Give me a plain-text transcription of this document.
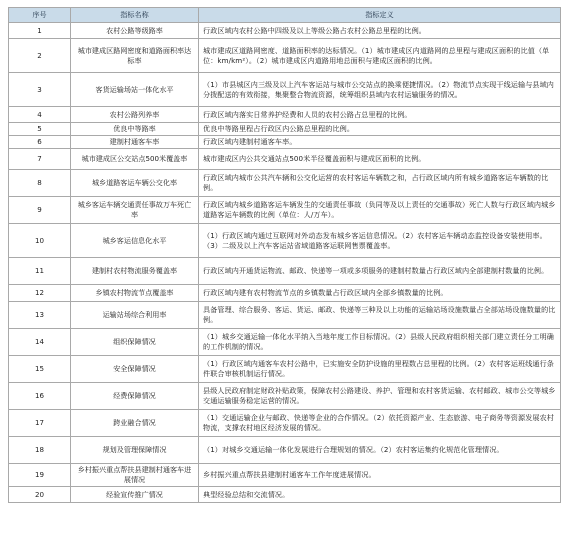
序号	指标名称	指标定义
1	农村公路等级路率	行政区域内农村公路中四级及以上等级公路占农村公路总里程的比例。
2	城市建成区路网密度和道路面积率达标率	城市建成区道路网密度、道路面积率的达标情况。（1）城市建成区内道路网的总里程与建成区面积的比值（单位：km/km²）。（2）城市建成区内道路用地总面积与建成区面积的比例。
3	客货运输场站一体化水平	（1）市县城区内三级及以上汽车客运站与城市公交站点的换乘便捷情况。（2）物流节点实现干线运输与县域内分拨配送的有效衔接，集聚整合物流资源，统筹组织县域内农村运输服务的情况。
4	农村公路列养率	行政区域内落实日常养护经费和人员的农村公路占总里程的比例。
5	优良中等路率	优良中等路里程占行政区内公路总里程的比例。
6	建制村通客车率	行政区域内建制村通客车率。
7	城市建成区公交站点500米覆盖率	城市建成区内公共交通站点500米半径覆盖面积与建成区面积的比例。
8	城乡道路客运车辆公交化率	行政区域内城市公共汽车辆和公交化运营的农村客运车辆数之和，占行政区域内所有城乡道路客运车辆数的比例。
9	城乡客运车辆交通责任事故万车死亡率	行政区域内城乡道路客运车辆发生的交通责任事故（负同等及以上责任的交通事故）死亡人数与行政区域内城乡道路客运车辆数的比例（单位：人/万车）。
10	城乡客运信息化水平	（1）行政区域内通过互联网对外动态发布城乡客运信息情况。（2）农村客运车辆动态监控设备安装使用率。（3）二级及以上汽车客运站省域道路客运联网售票覆盖率。
11	建制村农村物流服务覆盖率	行政区域内开通货运物流、邮政、快递等一项或多项服务的建制村数量占行政区域内全部建制村数量的比例。
12	乡镇农村物流节点覆盖率	行政区域内建有农村物流节点的乡镇数量占行政区域内全部乡镇数量的比例。
13	运输站场综合利用率	具备管理、综合服务、客运、货运、邮政、快递等三种及以上功能的运输站场设施数量占全部站场设施数量的比例。
14	组织保障情况	（1）城乡交通运输一体化水平纳入当地年度工作目标情况。（2）县级人民政府组织相关部门建立责任分工明确的工作机制的情况。
15	安全保障情况	（1）行政区域内通客车农村公路中，已实施安全防护设施的里程数占总里程的比例。（2）农村客运班线通行条件联合审核机制运行情况。
16	经费保障情况	县级人民政府制定财政补贴政策，保障农村公路建设、养护、管理和农村客货运输、农村邮政、城市公交等城乡交通运输服务稳定运营的情况。
17	跨业融合情况	（1）交通运输企业与邮政、快递等企业的合作情况。（2）依托资源产业、生态旅游、电子商务等资源发展农村物流，支撑农村地区经济发展的情况。
18	规划及管理保障情况	（1）对城乡交通运输一体化发展进行合理规划的情况。（2）农村客运集约化规范化管理情况。
19	乡村振兴重点帮扶县建制村通客车进展情况	乡村振兴重点帮扶县建制村通客车工作年度进展情况。
20	经验宣传推广情况	典型经验总结和交流情况。
